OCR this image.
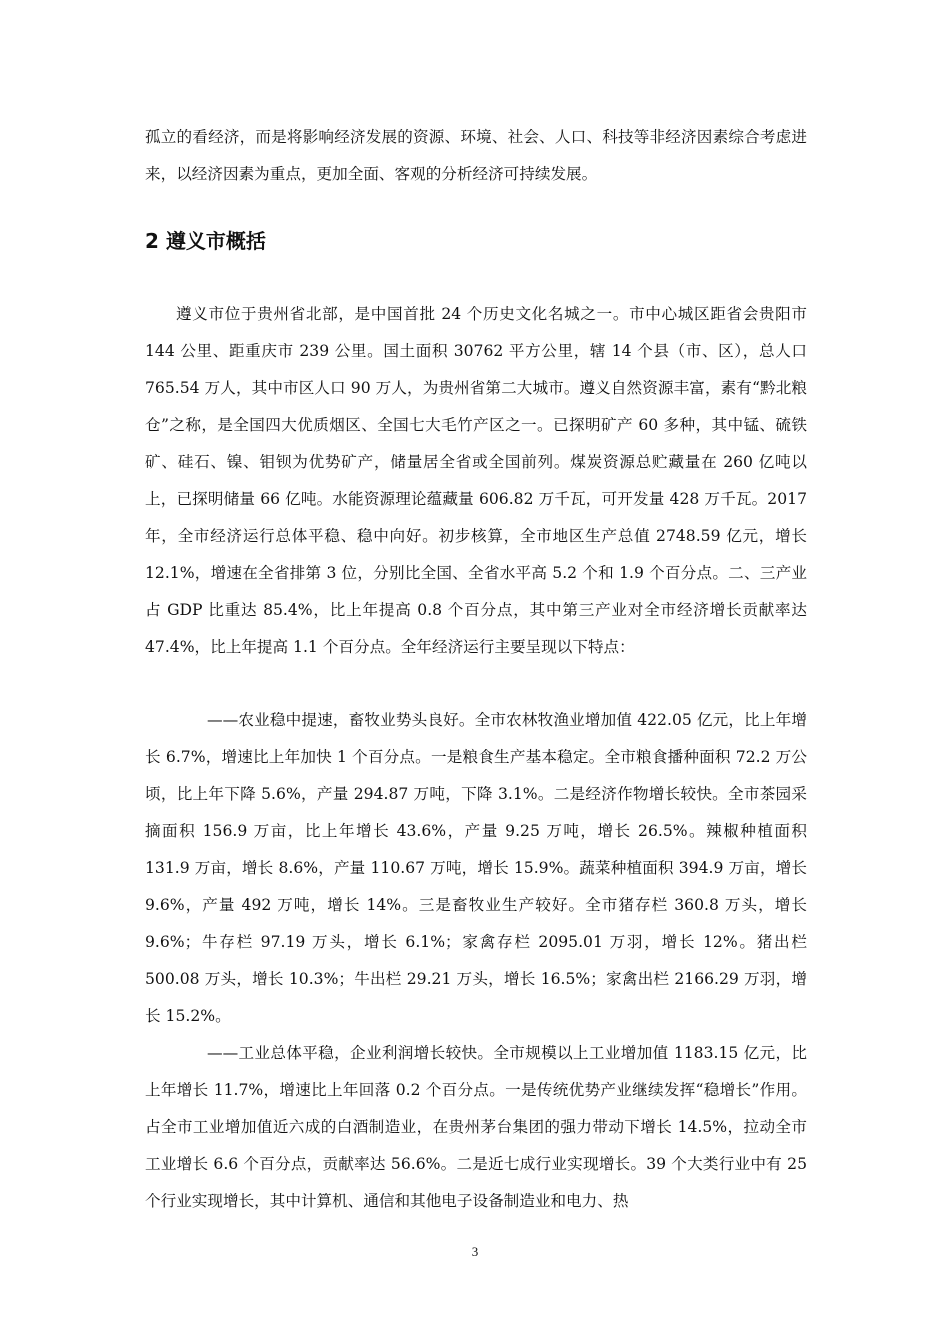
孤立的看经济，而是将影响经济发展的资源、环境、社会、人口、科技等非经济因素综合考虑进来，以经济因素为重点，更加全面、客观的分析经济可持续发展。

2 遵义市概括

遵义市位于贵州省北部，是中国首批 24 个历史文化名城之一。市中心城区距省会贵阳市 144 公里、距重庆市 239 公里。国土面积 30762 平方公里，辖 14 个县（市、区），总人口 765.54 万人，其中市区人口 90 万人，为贵州省第二大城市。遵义自然资源丰富，素有“黔北粮仓”之称，是全国四大优质烟区、全国七大毛竹产区之一。已探明矿产 60 多种，其中锰、硫铁矿、硅石、镍、钼钡为优势矿产，储量居全省或全国前列。煤炭资源总贮藏量在 260 亿吨以上，已探明储量 66 亿吨。水能资源理论蕴藏量 606.82 万千瓦，可开发量 428 万千瓦。2017 年，全市经济运行总体平稳、稳中向好。初步核算，全市地区生产总值 2748.59 亿元，增长 12.1%，增速在全省排第 3 位，分别比全国、全省水平高 5.2 个和 1.9 个百分点。二、三产业占 GDP 比重达 85.4%，比上年提高 0.8 个百分点，其中第三产业对全市经济增长贡献率达 47.4%，比上年提高 1.1 个百分点。全年经济运行主要呈现以下特点：

——农业稳中提速，畜牧业势头良好。全市农林牧渔业增加值 422.05 亿元，比上年增长 6.7%，增速比上年加快 1 个百分点。一是粮食生产基本稳定。全市粮食播种面积 72.2 万公顷，比上年下降 5.6%，产量 294.87 万吨，下降 3.1%。二是经济作物增长较快。全市茶园采摘面积 156.9 万亩，比上年增长 43.6%，产量 9.25 万吨，增长 26.5%。辣椒种植面积 131.9 万亩，增长 8.6%，产量 110.67 万吨，增长 15.9%。蔬菜种植面积 394.9 万亩，增长 9.6%，产量 492 万吨，增长 14%。三是畜牧业生产较好。全市猪存栏 360.8 万头，增长 9.6%；牛存栏 97.19 万头，增长 6.1%；家禽存栏 2095.01 万羽，增长 12%。猪出栏 500.08 万头，增长 10.3%；牛出栏 29.21 万头，增长 16.5%；家禽出栏 2166.29 万羽，增长 15.2%。

——工业总体平稳，企业利润增长较快。全市规模以上工业增加值 1183.15 亿元，比上年增长 11.7%，增速比上年回落 0.2 个百分点。一是传统优势产业继续发挥“稳增长”作用。占全市工业增加值近六成的白酒制造业，在贵州茅台集团的强力带动下增长 14.5%，拉动全市工业增长 6.6 个百分点，贡献率达 56.6%。二是近七成行业实现增长。39 个大类行业中有 25 个行业实现增长，其中计算机、通信和其他电子设备制造业和电力、热

3
